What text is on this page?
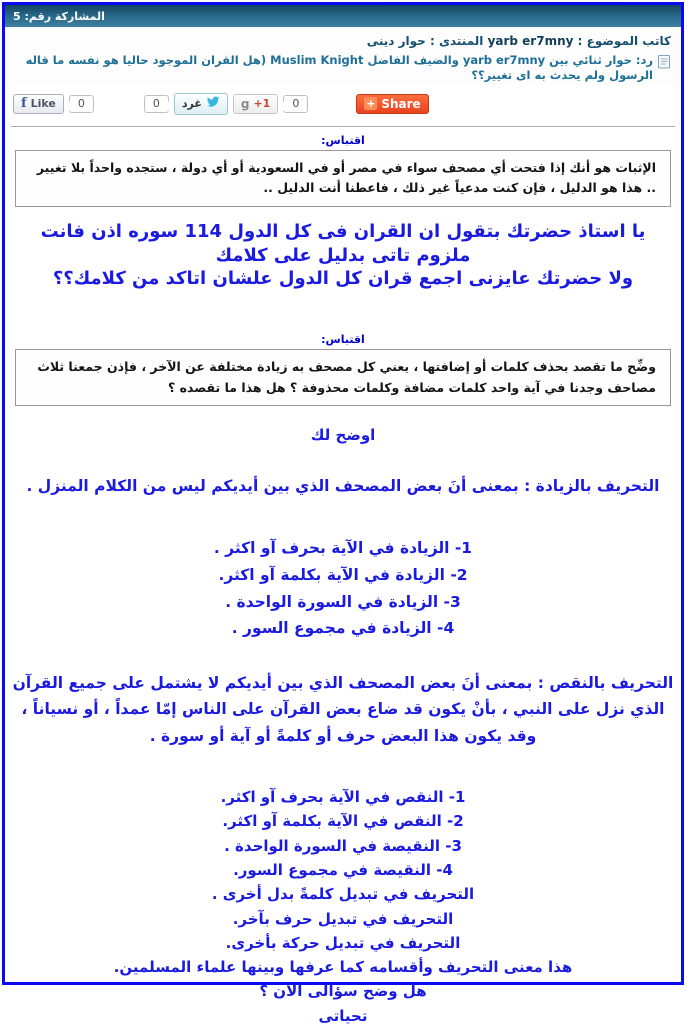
المشاركة رقم: 5
كاتب الموضوع : yarb er7mny المنتدى : حوار دينى
رد: حوار ثنائي بين yarb er7mny والضيف الفاضل Muslim Knight (هل القران الموجود حاليا هو نفسه ما قاله الرسول ولم يحدث به اى تغيير؟؟
f Like	0	0	غرد	g +1	0	+ Share
اقتباس:
الإثبات هو أنك إذا فتحت أي مصحف سواء في مصر أو في السعودية أو أي دولة ، ستجده واحداً بلا تغيير .. هذا هو الدليل ، فإن كنت مدعياً غير ذلك ، فاعطنا أنت الدليل ..
يا استاذ حضرتك بتقول ان القران فى كل الدول 114 سوره اذن فانت ملزوم تاتى بدليل على كلامك
ولا حضرتك عايزنى اجمع قران كل الدول علشان اتاكد من كلامك؟؟
اقتباس:
وضِّح ما تقصد بحذف كلمات أو إضافتها ، يعني كل مصحف به زيادة مختلفة عن الآخر ، فإذن جمعنا ثلاث مصاحف وجدنا في آية واحد كلمات مضافة وكلمات محذوفة ؟ هل هذا ما تقصده ؟
اوضح لك
التحريف بالزيادة : بمعنى أنَ بعض المصحف الذي بين أيديكم ليس من الكلام المنزل .
1- الزيادة في الآية بحرف آو اكثر .
2- الزيادة في الآية بكلمة آو اكثر.
3- الزيادة في السورة الواحدة .
4- الزيادة في مجموع السور .
التحريف بالنقص : بمعنى أنَ بعض المصحف الذي بين أيديكم لا يشتمل على جميع القرآن الذي نزل على النبي ، بأنْ يكون قد ضاع بعض القرآن على الناس إمّا عمداً ، أو نسياناً ، وقد يكون هذا البعض حرف أو كلمةً أو آية أو سورة .
1- النقص في الآية بحرف آو اكثر.
2- النقص في الآية بكلمة آو اكثر.
3- النقيصة في السورة الواحدة .
4- النقيصة في مجموع السور.
التحريف في تبديل كلمةً بدل أخرى .
التحريف في تبديل حرف بآخر.
التحريف في تبديل حركة بأخرى.
هذا معنى التحريف وأقسامه كما عرفها وبينها علماء المسلمين.
هل وضح سؤالى الان ؟
تحياتى
